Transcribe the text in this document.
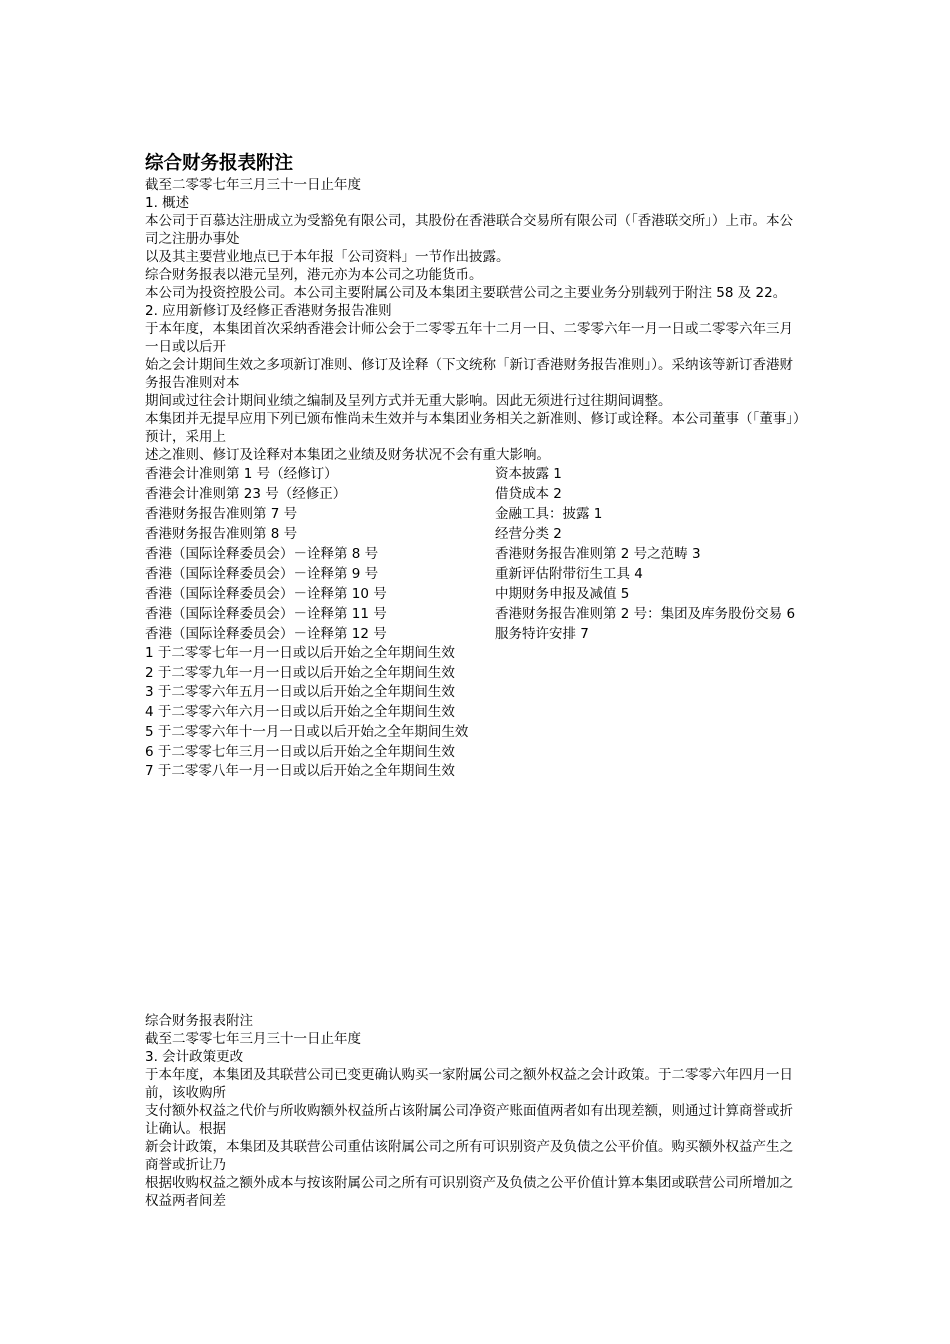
综合财务报表附注

截至二零零七年三月三十一日止年度

1. 概述

本公司于百慕达注册成立为受豁免有限公司，其股份在香港联合交易所有限公司（「香港联交所」）上市。本公司之注册办事处

以及其主要营业地点已于本年报「公司资料」一节作出披露。

综合财务报表以港元呈列，港元亦为本公司之功能货币。

本公司为投资控股公司。本公司主要附属公司及本集团主要联营公司之主要业务分别载列于附注 58 及 22。

2. 应用新修订及经修正香港财务报告准则

于本年度，本集团首次采纳香港会计师公会于二零零五年十二月一日、二零零六年一月一日或二零零六年三月一日或以后开

始之会计期间生效之多项新订准则、修订及诠释（下文统称「新订香港财务报告准则」）。采纳该等新订香港财务报告准则对本

期间或过往会计期间业绩之编制及呈列方式并无重大影响。因此无须进行过往期间调整。

本集团并无提早应用下列已颁布惟尚未生效并与本集团业务相关之新准则、修订或诠释。本公司董事（「董事」）预计，采用上

述之准则、修订及诠释对本集团之业绩及财务状况不会有重大影响。

香港会计准则第 1 号（经修订）	资本披露 1
香港会计准则第 23 号（经修正）	借贷成本 2
香港财务报告准则第 7 号	金融工具：披露 1
香港财务报告准则第 8 号	经营分类 2
香港（国际诠释委员会）－诠释第 8 号	香港财务报告准则第 2 号之范畴 3
香港（国际诠释委员会）－诠释第 9 号	重新评估附带衍生工具 4
香港（国际诠释委员会）－诠释第 10 号	中期财务申报及减值 5
香港（国际诠释委员会）－诠释第 11 号	香港财务报告准则第 2 号：集团及库务股份交易 6
香港（国际诠释委员会）－诠释第 12 号	服务特许安排 7
1 于二零零七年一月一日或以后开始之全年期间生效
2 于二零零九年一月一日或以后开始之全年期间生效
3 于二零零六年五月一日或以后开始之全年期间生效
4 于二零零六年六月一日或以后开始之全年期间生效
5 于二零零六年十一月一日或以后开始之全年期间生效
6 于二零零七年三月一日或以后开始之全年期间生效
7 于二零零八年一月一日或以后开始之全年期间生效

综合财务报表附注

截至二零零七年三月三十一日止年度

3. 会计政策更改

于本年度，本集团及其联营公司已变更确认购买一家附属公司之额外权益之会计政策。于二零零六年四月一日前，该收购所

支付额外权益之代价与所收购额外权益所占该附属公司净资产账面值两者如有出现差额，则通过计算商誉或折让确认。根据

新会计政策，本集团及其联营公司重估该附属公司之所有可识别资产及负债之公平价值。购买额外权益产生之商誉或折让乃

根据收购权益之额外成本与按该附属公司之所有可识别资产及负债之公平价值计算本集团或联营公司所增加之权益两者间差
